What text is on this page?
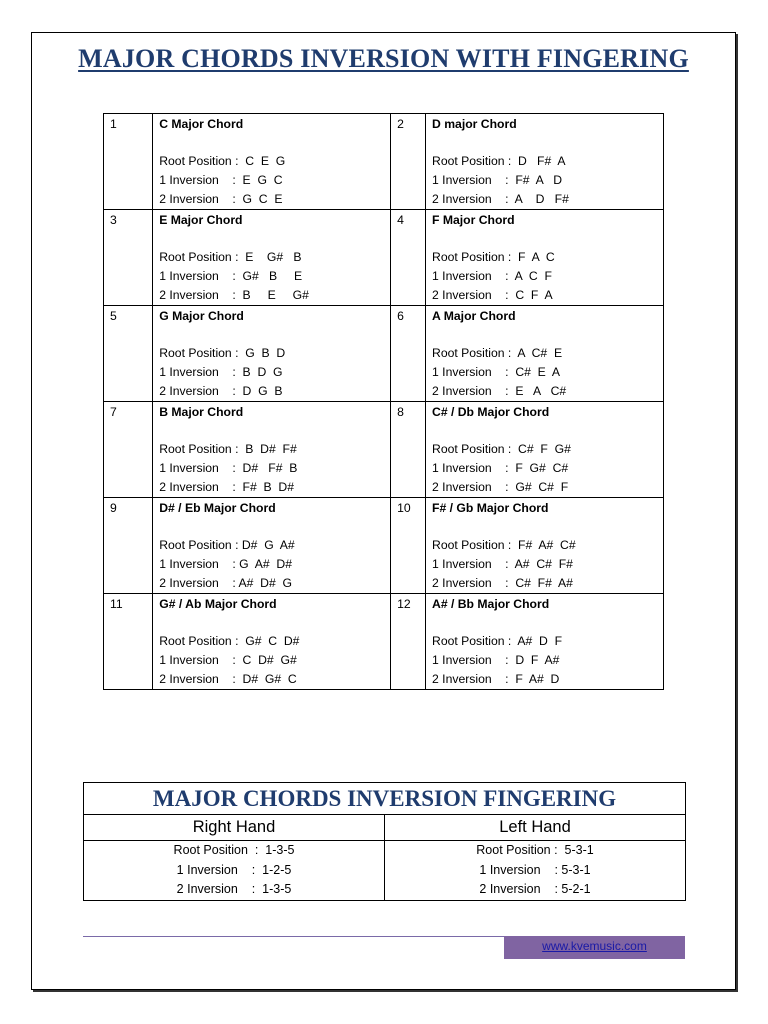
MAJOR CHORDS INVERSION WITH FINGERING
1	C Major Chord
Root Position :  C  E  G
1 Inversion    :  E  G  C
2 Inversion    :  G  C  E	2	D major Chord
Root Position :  D   F#  A
1 Inversion    :  F#  A   D
2 Inversion    :  A    D   F#

3	E Major Chord
Root Position :  E    G#   B
1 Inversion    :  G#   B     E
2 Inversion    :  B     E     G#	4	F Major Chord
Root Position :  F  A  C
1 Inversion    :  A  C  F
2 Inversion    :  C  F  A

5	G Major Chord
Root Position :  G  B  D
1 Inversion    :  B  D  G
2 Inversion    :  D  G  B	6	A Major Chord
Root Position :  A  C#  E
1 Inversion    :  C#  E  A
2 Inversion    :  E   A   C#

7	B Major Chord
Root Position :  B  D#  F#
1 Inversion    :  D#   F#  B
2 Inversion    :  F#  B  D#	8	C# / Db Major Chord
Root Position :  C#  F  G#
1 Inversion    :  F  G#  C#
2 Inversion    :  G#  C#  F

9	D# / Eb Major Chord
Root Position : D#  G  A#
1 Inversion    : G  A#  D#
2 Inversion    : A#  D#  G	10	F# / Gb Major Chord
Root Position :  F#  A#  C#
1 Inversion    :  A#  C#  F#
2 Inversion    :  C#  F#  A#

11	G# / Ab Major Chord
Root Position :  G#  C  D#
1 Inversion    :  C  D#  G#
2 Inversion    :  D#  G#  C	12	A# / Bb Major Chord
Root Position :  A#  D  F
1 Inversion    :  D  F  A#
2 Inversion    :  F  A#  D
MAJOR CHORDS INVERSION FINGERING	
Right Hand	Left Hand

Root Position  :  1-3-5
1 Inversion    :  1-2-5
2 Inversion    :  1-3-5	Root Position :  5-3-1
1 Inversion    : 5-3-1
2 Inversion    : 5-2-1
www.kvemusic.com
